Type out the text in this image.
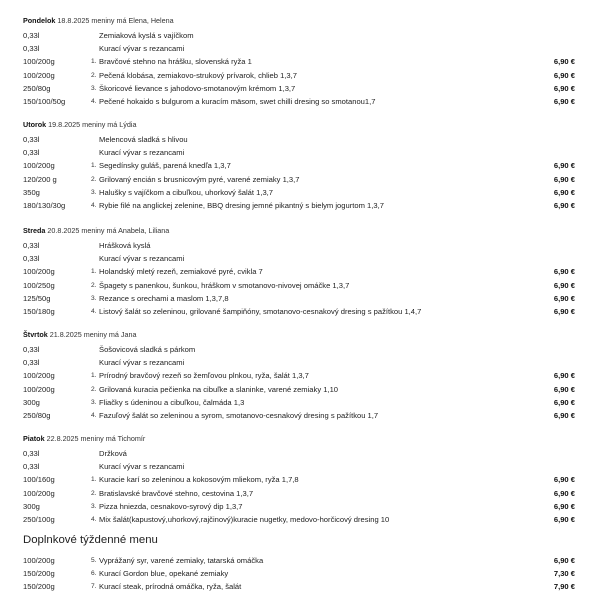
Pondelok 18.8.2025 meniny má Elena, Helena
0,33l	Zemiaková kyslá s vajíčkom
0,33l	Kurací vývar s rezancami
100/200g	1. Bravčové stehno na hrášku, slovenská ryža 1	6,90 €
100/200g	2. Pečená klobása, zemiakovo-strukový prívarok, chlieb 1,3,7	6,90 €
250/80g	3. Škoricové lievance s jahodovo-smotanovým krémom 1,3,7	6,90 €
150/100/50g	4. Pečené hokaido s bulgurom a kuracím mäsom, swet chilli dresing so smotanou1,7	6,90 €
Utorok 19.8.2025 meniny má Lýdia
0,33l	Melencová sladká s hlivou
0,33l	Kurací vývar s rezancami
100/200g	1. Segedínsky guláš, parená knedľa 1,3,7	6,90 €
120/200 g	2. Grilovaný encián s brusnicovým pyré, varené zemiaky 1,3,7	6,90 €
350g	3. Halušky s vajíčkom a cibuľkou, uhorkový šalát 1,3,7	6,90 €
180/130/30g	4. Rybie filé na anglickej zelenine, BBQ dresing jemné pikantný s bielym jogurtom 1,3,7	6,90 €
Streda 20.8.2025 meniny má Anabela, Liliana
0,33l	Hrášková kyslá
0,33l	Kurací vývar s rezancami
100/200g	1. Holandský mletý rezeň, zemiakové pyré, cvikla 7	6,90 €
100/250g	2. Špagety s panenkou, šunkou, hráškom v smotanovo-nivovej omáčke 1,3,7	6,90 €
125/50g	3. Rezance s orechami a maslom 1,3,7,8	6,90 €
150/180g	4. Listový šalát so zeleninou, grilované šampiňóny, smotanovo-cesnakový dresing s pažítkou 1,4,7	6,90 €
Štvrtok 21.8.2025 meniny má Jana
0,33l	Šošovicová sladká s párkom
0,33l	Kurací vývar s rezancami
100/200g	1. Prírodný bravčový rezeň so žemľovou plnkou, ryža, šalát 1,3,7	6,90 €
100/200g	2. Grilovaná kuracia pečienka na cibuľke a slaninke, varené zemiaky 1,10	6,90 €
300g	3. Fliačky s údeninou a cibuľkou, čalmáda 1,3	6,90 €
250/80g	4. Fazuľový šalát so zeleninou a syrom, smotanovo-cesnakový dresing s pažítkou 1,7	6,90 €
Piatok 22.8.2025 meniny má Tichomír
0,33l	Držková
0,33l	Kurací vývar s rezancami
100/160g	1. Kuracie karí so zeleninou a kokosovým mliekom, ryža 1,7,8	6,90 €
100/200g	2. Bratislavské bravčové stehno, cestovina 1,3,7	6,90 €
300g	3. Pizza hniezda, cesnakovo-syrový dip 1,3,7	6,90 €
250/100g	4. Mix šalát(kapustový,uhorkový,rajčinový)kuracie nugetky, medovo-horčicový dresing 10	6,90 €
Doplnkové týždenné menu
100/200g	5. Vyprážaný syr, varené zemiaky, tatarská omáčka	6,90 €
150/200g	6. Kurací Gordon blue, opekané zemiaky	7,30 €
150/200g	7. Kurací steak, prírodná omáčka, ryža, šalát	7,90 €
